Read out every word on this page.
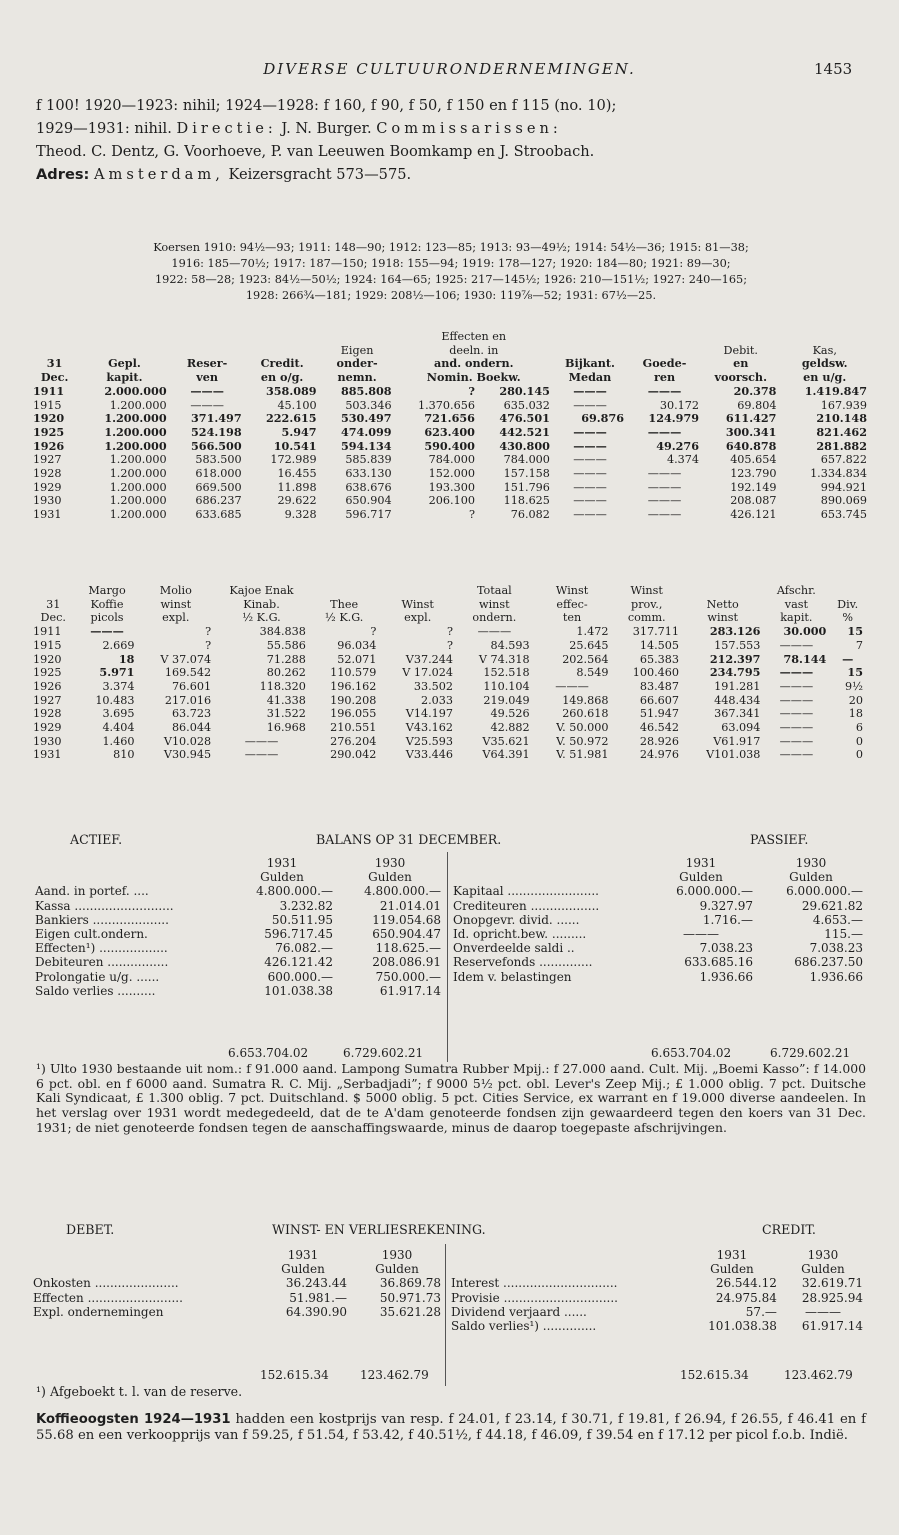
DIVERSE CULTUURONDERNEMINGEN.	1453

f 100! 1920—1923: nihil; 1924—1928: f 160, f 90, f 50, f 150 en f 115 (no. 10);

1929—1931: nihil. Directie: J. N. Burger. Commissarissen:

Theod. C. Dentz, G. Voorhoeve, P. van Leeuwen Boomkamp en J. Stroobach.

Adres: Amsterdam, Keizersgracht 573—575.

Koersen 1910: 94½—93; 1911: 148—90; 1912: 123—85; 1913: 93—49½; 1914: 54½—36; 1915: 81—38;

1916: 185—70½; 1917: 187—150; 1918: 155—94; 1919: 178—127; 1920: 184—80; 1921: 89—30;

1922: 58—28; 1923: 84½—50½; 1924: 164—65; 1925: 217—145½; 1926: 210—151½; 1927: 240—165;

1928: 266¾—181; 1929: 208½—106; 1930: 119⅞—52; 1931: 67½—25.

					Effecten en					
				Eigen	deeln. in				Debit.	Kas,
31	Gepl.	Reser-	Credit.	onder-	and. ondern.		Bijkant.	Goede-	en	geldsw.
Dec.	kapit.	ven	en o/g.	nemn.	Nomin. Boekw.		Medan	ren	voorsch.	en u/g.
1911	2.000.000	———	358.089	885.808	?	280.145	———	———	20.378	1.419.847
1915	1.200.000	———	45.100	503.346	1.370.656	635.032	———	30.172	69.804	167.939
1920	1.200.000	371.497	222.615	530.497	721.656	476.501	69.876	124.979	611.427	210.148
1925	1.200.000	524.198	5.947	474.099	623.400	442.521	———	———	300.341	821.462
1926	1.200.000	566.500	10.541	594.134	590.400	430.800	———	49.276	640.878	281.882
1927	1.200.000	583.500	172.989	585.839	784.000	784.000	———	4.374	405.654	657.822
1928	1.200.000	618.000	16.455	633.130	152.000	157.158	———	———	123.790	1.334.834
1929	1.200.000	669.500	11.898	638.676	193.300	151.796	———	———	192.149	994.921
1930	1.200.000	686.237	29.622	650.904	206.100	118.625	———	———	208.087	890.069
1931	1.200.000	633.685	9.328	596.717	?	76.082	———	———	426.121	653.745
	Margo	Molio	Kajoe Enak			Totaal	Winst	Winst		Afschr.	
31	Koffie	winst	Kinab.	Thee	Winst	winst	effec-	prov.,	Netto	vast	Div.
Dec.	picols	expl.	½ K.G.	½ K.G.	expl.	ondern.	ten	comm.	winst	kapit.	%
1911	———	?	384.838	?	?	———	1.472	317.711	283.126	30.000	15
1915	2.669	?	55.586	96.034	?	84.593	25.645	14.505	157.553	———	7
1920	18	V 37.074	71.288	52.071	V37.244	V 74.318	202.564	65.383	212.397	78.144	—
1925	5.971	169.542	80.262	110.579	V 17.024	152.518	8.549	100.460	234.795	———	15
1926	3.374	76.601	118.320	196.162	33.502	110.104	———	83.487	191.281	———	9½
1927	10.483	217.016	41.338	190.208	2.033	219.049	149.868	66.607	448.434	———	20
1928	3.695	63.723	31.522	196.055	V14.197	49.526	260.618	51.947	367.341	———	18
1929	4.404	86.044	16.968	210.551	V43.162	42.882	V. 50.000	46.542	63.094	———	6
1930	1.460	V10.028	———	276.204	V25.593	V35.621	V. 50.972	28.926	V61.917	———	0
1931	810	V30.945	———	290.042	V33.446	V64.391	V. 51.981	24.976	V101.038	———	0
ACTIEF.	BALANS OP 31 DECEMBER.	PASSIEF.
	1931	1930
	Gulden	Gulden
Aand. in portef. ....	4.800.000.—	4.800.000.—
Kassa ..........................	3.232.82	21.014.01
Bankiers ....................	50.511.95	119.054.68
Eigen cult.ondern.	596.717.45	650.904.47
Effecten¹) ..................	76.082.—	118.625.—
Debiteuren ................	426.121.42	208.086.91
Prolongatie u/g. ......	600.000.—	750.000.—
Saldo verlies ..........	101.038.38	61.917.14
	1931	1930
	Gulden	Gulden
Kapitaal ........................	6.000.000.—	6.000.000.—
Crediteuren ..................	9.327.97	29.621.82
Onopgevr. divid. ......	1.716.—	4.653.—
Id. opricht.bew. .........	———	115.—
Onverdeelde saldi ..	7.038.23	7.038.23
Reservefonds ..............	633.685.16	686.237.50
Idem v. belastingen	1.936.66	1.936.66
6.653.704.02	6.729.602.21	6.653.704.02	6.729.602.21

¹) Ulto 1930 bestaande uit nom.: f 91.000 aand. Lampong Sumatra Rubber Mpij.: f 27.000 aand. Cult. Mij. „Boemi Kasso”: f 14.000 6 pct. obl. en f 6000 aand. Sumatra R. C. Mij. „Serbadjadi”; f 9000 5½ pct. obl. Lever's Zeep Mij.; £ 1.000 oblig. 7 pct. Duitsche Kali Syndicaat, £ 1.300 oblig. 7 pct. Duitschland. $ 5000 oblig. 5 pct. Cities Service, ex warrant en f 19.000 diverse aandeelen. In het verslag over 1931 wordt medegedeeld, dat de te A'dam genoteerde fondsen zijn gewaardeerd tegen den koers van 31 Dec. 1931; de niet genoteerde fondsen tegen de aanschaffingswaarde, minus de daarop toegepaste afschrijvingen.

DEBET.	WINST- EN VERLIESREKENING.	CREDIT.
	1931	1930
	Gulden	Gulden
Onkosten ......................	36.243.44	36.869.78
Effecten .........................	51.981.—	50.971.73
Expl. ondernemingen	64.390.90	35.621.28
	1931	1930
	Gulden	Gulden
Interest ..............................	26.544.12	32.619.71
Provisie ..............................	24.975.84	28.925.94
Dividend verjaard ......	57.—	———
Saldo verlies¹) ..............	101.038.38	61.917.14
152.615.34	123.462.79	152.615.34	123.462.79
¹) Afgeboekt t. l. van de reserve.

Koffieoogsten 1924—1931 hadden een kostprijs van resp. f 24.01, f 23.14, f 30.71, f 19.81, f 26.94, f 26.55, f 46.41 en f 55.68 en een verkoopprijs van f 59.25, f 51.54, f 53.42, f 40.51½, f 44.18, f 46.09, f 39.54 en f 17.12 per picol f.o.b. Indië.
